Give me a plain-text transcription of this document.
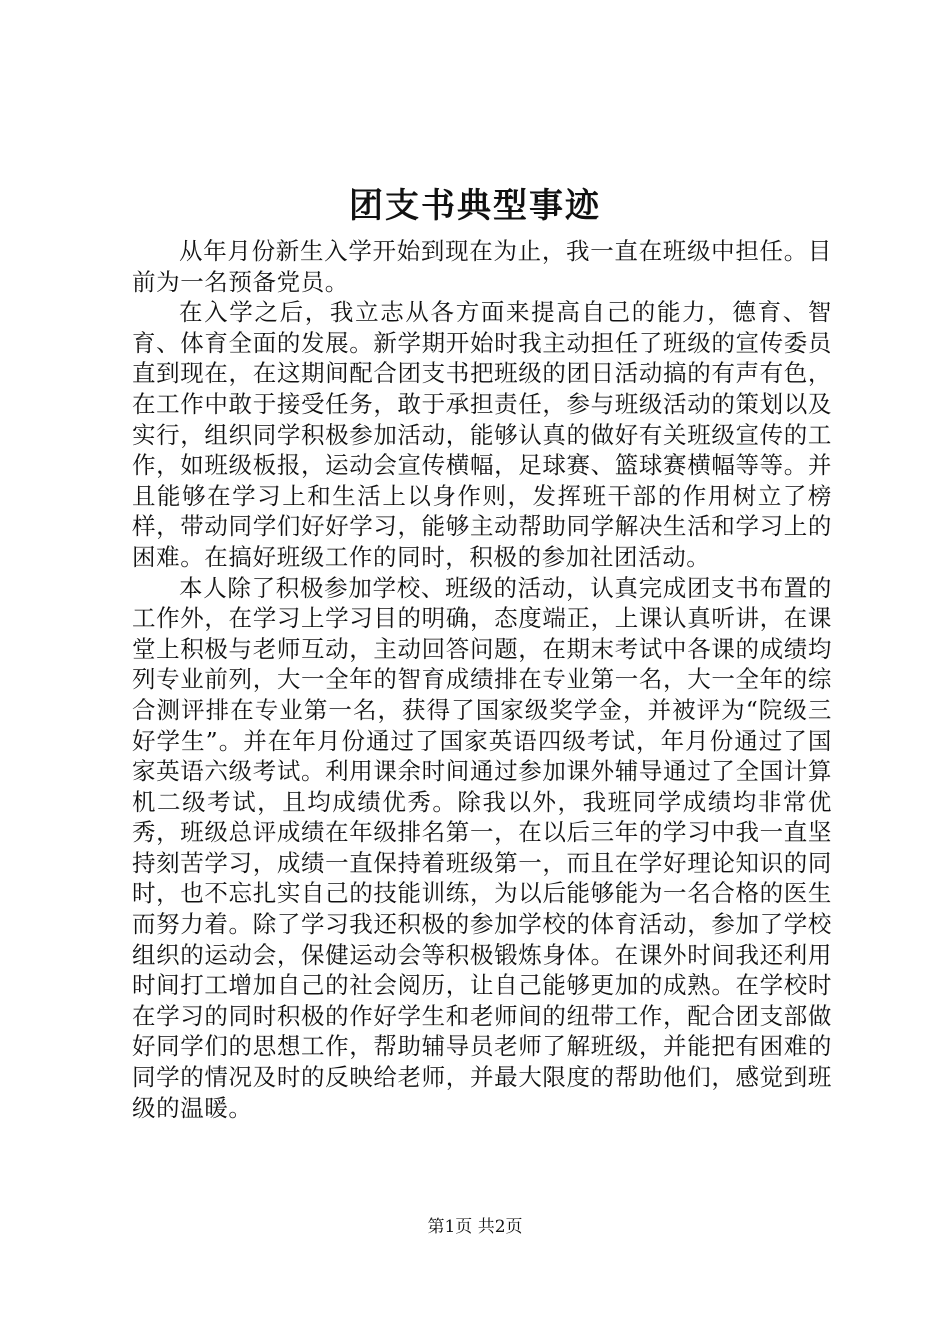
团支书典型事迹

从年月份新生入学开始到现在为止，我一直在班级中担任。目前为一名预备党员。

在入学之后，我立志从各方面来提高自己的能力，德育、智育、体育全面的发展。新学期开始时我主动担任了班级的宣传委员直到现在，在这期间配合团支书把班级的团日活动搞的有声有色，在工作中敢于接受任务，敢于承担责任，参与班级活动的策划以及实行，组织同学积极参加活动，能够认真的做好有关班级宣传的工作，如班级板报，运动会宣传横幅，足球赛、篮球赛横幅等等。并且能够在学习上和生活上以身作则，发挥班干部的作用树立了榜样，带动同学们好好学习，能够主动帮助同学解决生活和学习上的困难。在搞好班级工作的同时，积极的参加社团活动。

本人除了积极参加学校、班级的活动，认真完成团支书布置的工作外，在学习上学习目的明确，态度端正，上课认真听讲，在课堂上积极与老师互动，主动回答问题，在期末考试中各课的成绩均列专业前列，大一全年的智育成绩排在专业第一名，大一全年的综合测评排在专业第一名，获得了国家级奖学金，并被评为“院级三好学生”。并在年月份通过了国家英语四级考试，年月份通过了国家英语六级考试。利用课余时间通过参加课外辅导通过了全国计算机二级考试，且均成绩优秀。除我以外，我班同学成绩均非常优秀，班级总评成绩在年级排名第一，在以后三年的学习中我一直坚持刻苦学习，成绩一直保持着班级第一，而且在学好理论知识的同时，也不忘扎实自己的技能训练，为以后能够能为一名合格的医生而努力着。除了学习我还积极的参加学校的体育活动，参加了学校组织的运动会，保健运动会等积极锻炼身体。在课外时间我还利用时间打工增加自己的社会阅历，让自己能够更加的成熟。在学校时在学习的同时积极的作好学生和老师间的纽带工作，配合团支部做好同学们的思想工作，帮助辅导员老师了解班级，并能把有困难的同学的情况及时的反映给老师，并最大限度的帮助他们，感觉到班级的温暖。

第1页 共2页
